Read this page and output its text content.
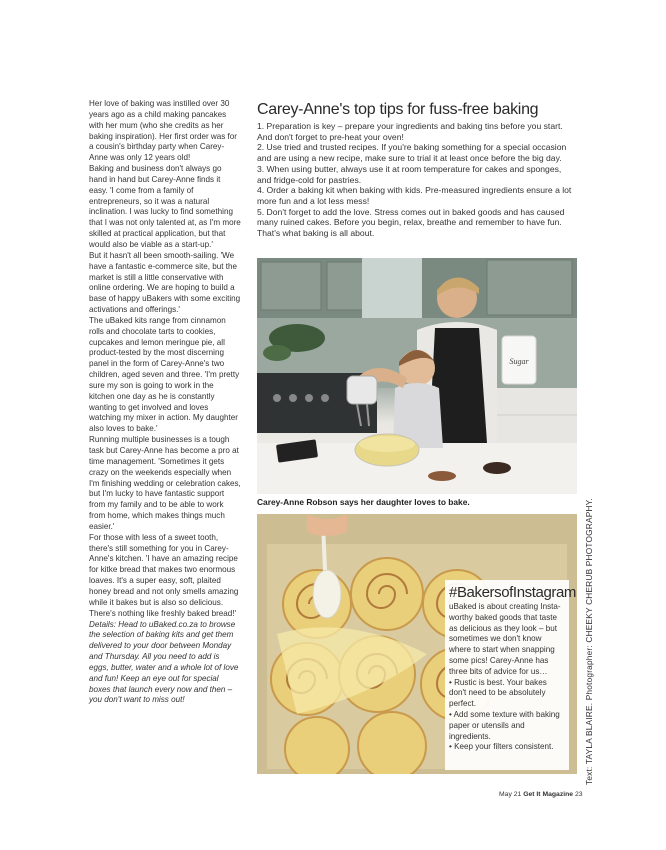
Her love of baking was instilled over 30 years ago as a child making pancakes with her mum (who she credits as her baking inspiration). Her first order was for a cousin's birthday party when Carey-Anne was only 12 years old!

Baking and business don't always go hand in hand but Carey-Anne finds it easy. 'I come from a family of entrepreneurs, so it was a natural inclination. I was lucky to find something that I was not only talented at, as I'm more skilled at practical application, but that would also be viable as a start-up.'

But it hasn't all been smooth-sailing. 'We have a fantastic e-commerce site, but the market is still a little conservative with online ordering. We are hoping to build a base of happy uBakers with some exciting activations and offerings.'

The uBaked kits range from cinnamon rolls and chocolate tarts to cookies, cupcakes and lemon meringue pie, all product-tested by the most discerning panel in the form of Carey-Anne's two children, aged seven and three. 'I'm pretty sure my son is going to work in the kitchen one day as he is constantly wanting to get involved and loves watching my mixer in action. My daughter also loves to bake.'

Running multiple businesses is a tough task but Carey-Anne has become a pro at time management. 'Sometimes it gets crazy on the weekends especially when I'm finishing wedding or celebration cakes, but I'm lucky to have fantastic support from my family and to be able to work from home, which makes things much easier.'

For those with less of a sweet tooth, there's still something for you in Carey-Anne's kitchen. 'I have an amazing recipe for kitke bread that makes two enormous loaves. It's a super easy, soft, plaited honey bread and not only smells amazing while it bakes but is also so delicious. There's nothing like freshly baked bread!'

Details: Head to uBaked.co.za to browse the selection of baking kits and get them delivered to your door between Monday and Thursday. All you need to add is eggs, butter, water and a whole lot of love and fun! Keep an eye out for special boxes that launch every now and then – you don't want to miss out!

Carey-Anne's top tips for fuss-free baking

1. Preparation is key – prepare your ingredients and baking tins before you start. And don't forget to pre-heat your oven!

2. Use tried and trusted recipes. If you're baking something for a special occasion and are using a new recipe, make sure to trial it at least once before the big day.

3. When using butter, always use it at room temperature for cakes and sponges, and fridge-cold for pastries.

4. Order a baking kit when baking with kids. Pre-measured ingredients ensure a lot more fun and a lot less mess!

5. Don't forget to add the love. Stress comes out in baked goods and has caused many ruined cakes. Before you begin, relax, breathe and remember to have fun. That's what baking is all about.

Sugar
Carey-Anne Robson says her daughter loves to bake.
#BakersofInstagram

uBaked is about creating Insta-worthy baked goods that taste as delicious as they look – but sometimes we don't know where to start when snapping some pics! Carey-Anne has three bits of advice for us…

• Rustic is best. Your bakes don't need to be absolutely perfect.

• Add some texture with baking paper or utensils and ingredients.

• Keep your filters consistent.	Text: TAYLA BLAIRE. Photographer: CHEEKY CHERUB PHOTOGRAPHY.
May 21 Get It Magazine 23
